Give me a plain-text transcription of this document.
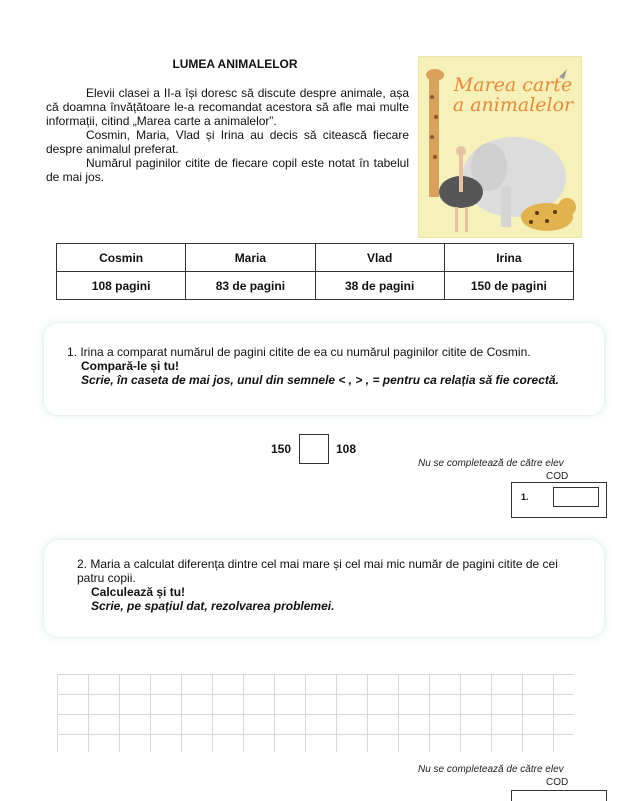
LUMEA ANIMALELOR

Elevii clasei a II-a își doresc să discute despre animale, așa că doamna învățătoare le-a recomandat acestora să afle mai multe informații, citind „Marea carte a animalelor”.

Cosmin, Maria, Vlad și Irina au decis să citească fiecare despre animalul preferat.

Numărul paginilor citite de fiecare copil este notat în tabelul de mai jos.

Marea carte a animalelor
Cosmin	Maria	Vlad	Irina
108 pagini	83 de pagini	38 de pagini	150 de pagini
1. Irina a comparat numărul de pagini citite de ea cu numărul paginilor citite de Cosmin.
Compară-le și tu!
Scrie, în caseta de mai jos, unul din semnele < , > , = pentru ca relația să fie corectă.
150	108
Nu se completează de către elev
COD
1.
2. Maria a calculat diferența dintre cel mai mare și cel mai mic număr de pagini citite de cei patru copii.
Calculează și tu!
Scrie, pe spațiul dat, rezolvarea problemei.
Nu se completează de către elev
COD
